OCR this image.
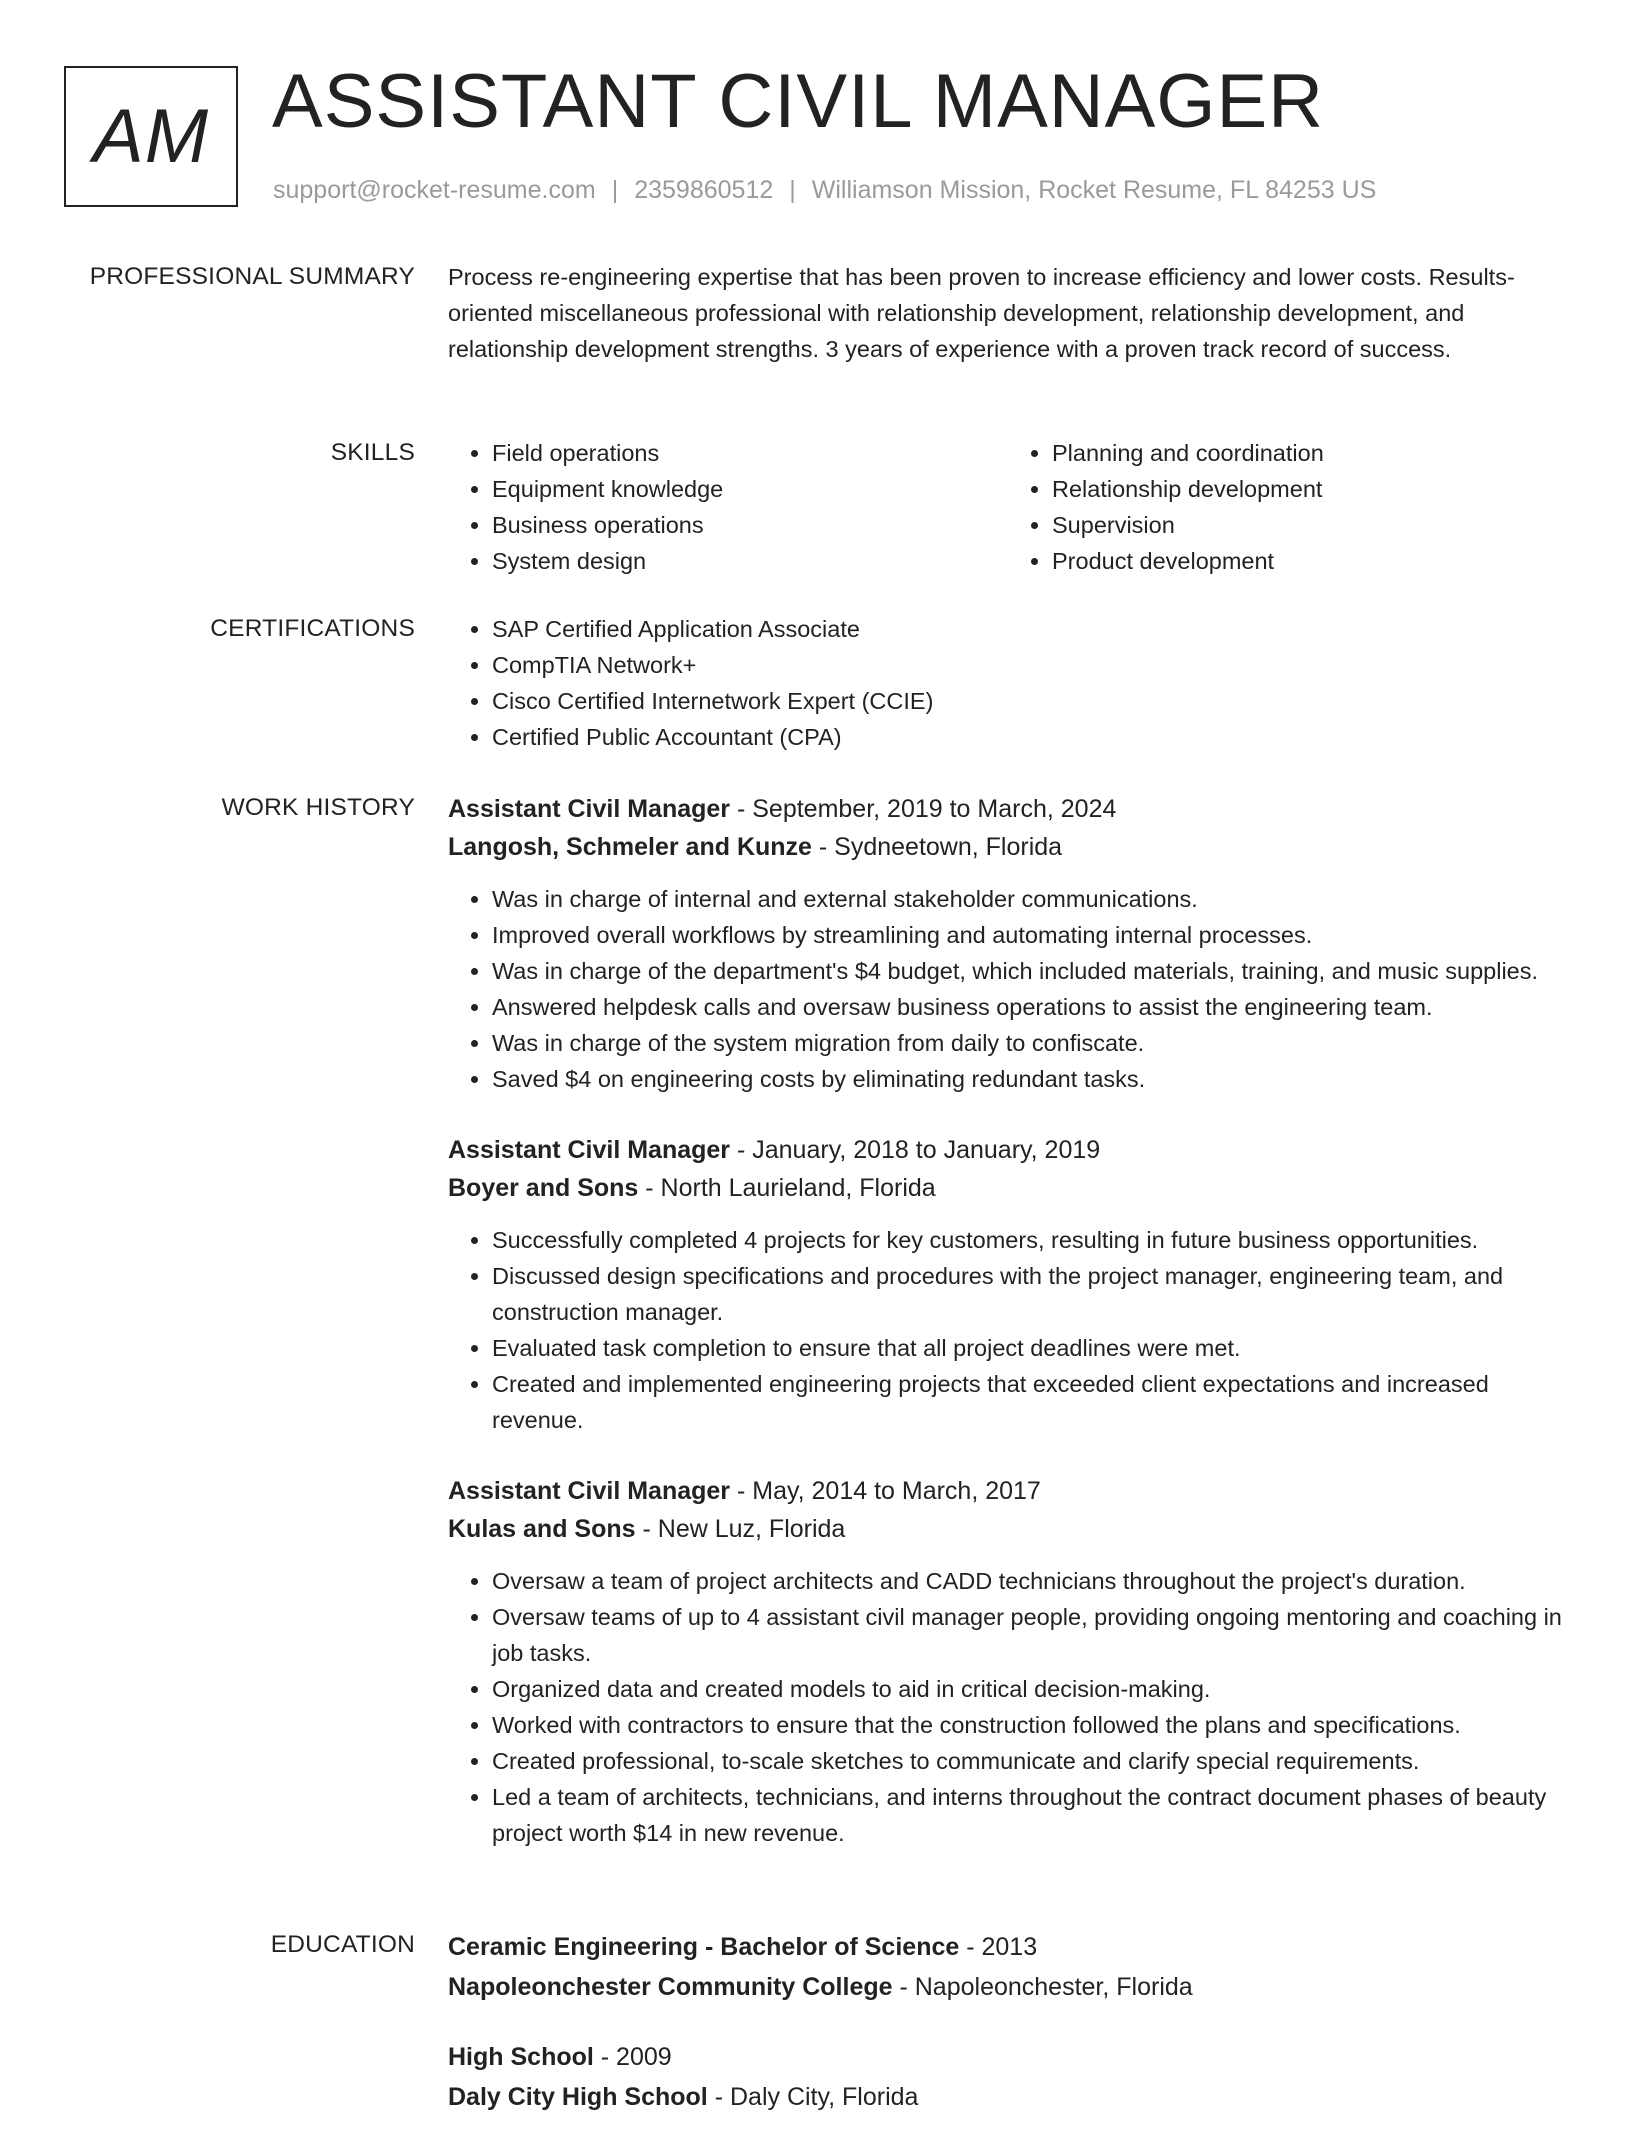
AM ASSISTANT CIVIL MANAGER
support@rocket-resume.com | 2359860512 | Williamson Mission, Rocket Resume, FL 84253 US
PROFESSIONAL SUMMARY Process re-engineering expertise that has been proven to increase efficiency and lower costs. Results-oriented miscellaneous professional with relationship development, relationship development, and relationship development strengths. 3 years of experience with a proven track record of success.

SKILLS	• Field operations
• Equipment knowledge
• Business operations
• System design
• Planning and coordination
• Relationship development
• Supervision
• Product development
CERTIFICATIONS	• SAP Certified Application Associate
• CompTIA Network+
• Cisco Certified Internetwork Expert (CCIE)
• Certified Public Accountant (CPA)
WORK HISTORY Assistant Civil Manager - September, 2019 to March, 2024
Langosh, Schmeler and Kunze - Sydneetown, Florida
• Was in charge of internal and external stakeholder communications.
• Improved overall workflows by streamlining and automating internal processes.
• Was in charge of the department's $4 budget, which included materials, training, and music supplies.
• Answered helpdesk calls and oversaw business operations to assist the engineering team.
• Was in charge of the system migration from daily to confiscate.
• Saved $4 on engineering costs by eliminating redundant tasks.
Assistant Civil Manager - January, 2018 to January, 2019
Boyer and Sons - North Laurieland, Florida
• Successfully completed 4 projects for key customers, resulting in future business opportunities.
• Discussed design specifications and procedures with the project manager, engineering team, and construction manager.
• Evaluated task completion to ensure that all project deadlines were met.
• Created and implemented engineering projects that exceeded client expectations and increased revenue.
Assistant Civil Manager - May, 2014 to March, 2017
Kulas and Sons - New Luz, Florida
• Oversaw a team of project architects and CADD technicians throughout the project's duration.
• Oversaw teams of up to 4 assistant civil manager people, providing ongoing mentoring and coaching in job tasks.
• Organized data and created models to aid in critical decision-making.
• Worked with contractors to ensure that the construction followed the plans and specifications.
• Created professional, to-scale sketches to communicate and clarify special requirements.
• Led a team of architects, technicians, and interns throughout the contract document phases of beauty project worth $14 in new revenue.
EDUCATION Ceramic Engineering - Bachelor of Science - 2013
Napoleonchester Community College - Napoleonchester, Florida
High School - 2009
Daly City High School - Daly City, Florida
